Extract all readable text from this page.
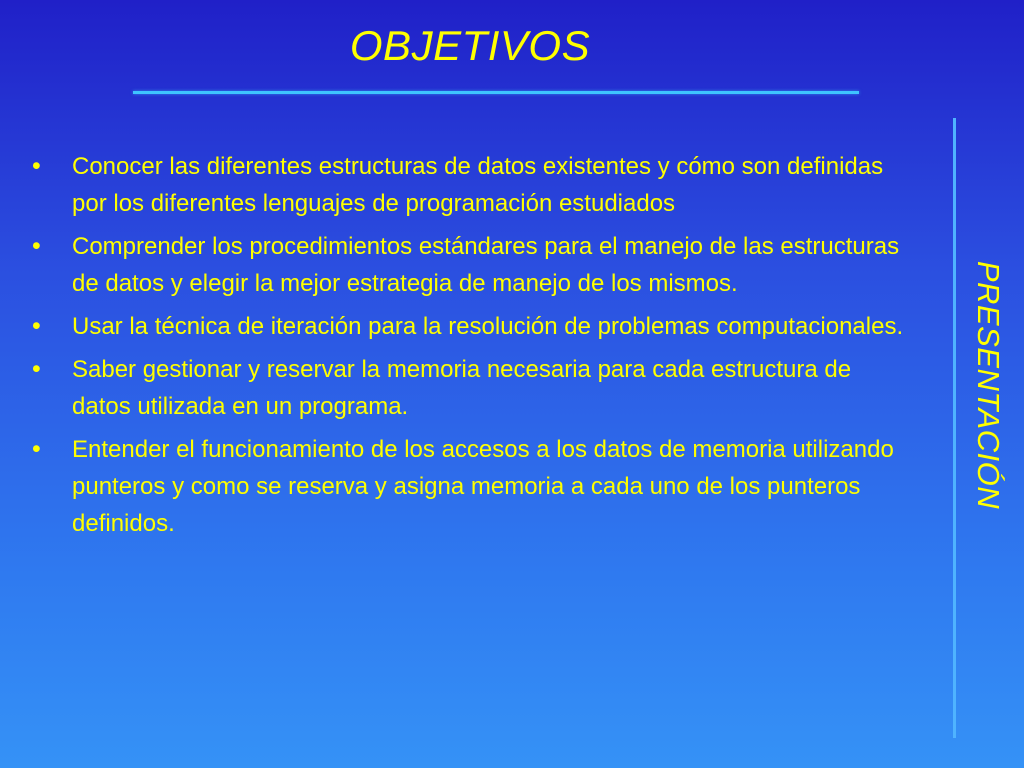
OBJETIVOS
•	Conocer las diferentes estructuras de datos existentes y cómo son definidas por los diferentes lenguajes de programación estudiados
•	Comprender los procedimientos estándares para el manejo de las estructuras de datos y elegir la mejor estrategia de manejo de los mismos.
•	Usar la técnica de iteración para la resolución de problemas computacionales.
•	Saber gestionar y reservar la memoria necesaria para cada estructura de datos utilizada en un programa.
•	Entender el funcionamiento de los accesos a los datos de memoria utilizando punteros y como se reserva y asigna memoria a cada uno de los punteros definidos.
PRESENTACIÓN
